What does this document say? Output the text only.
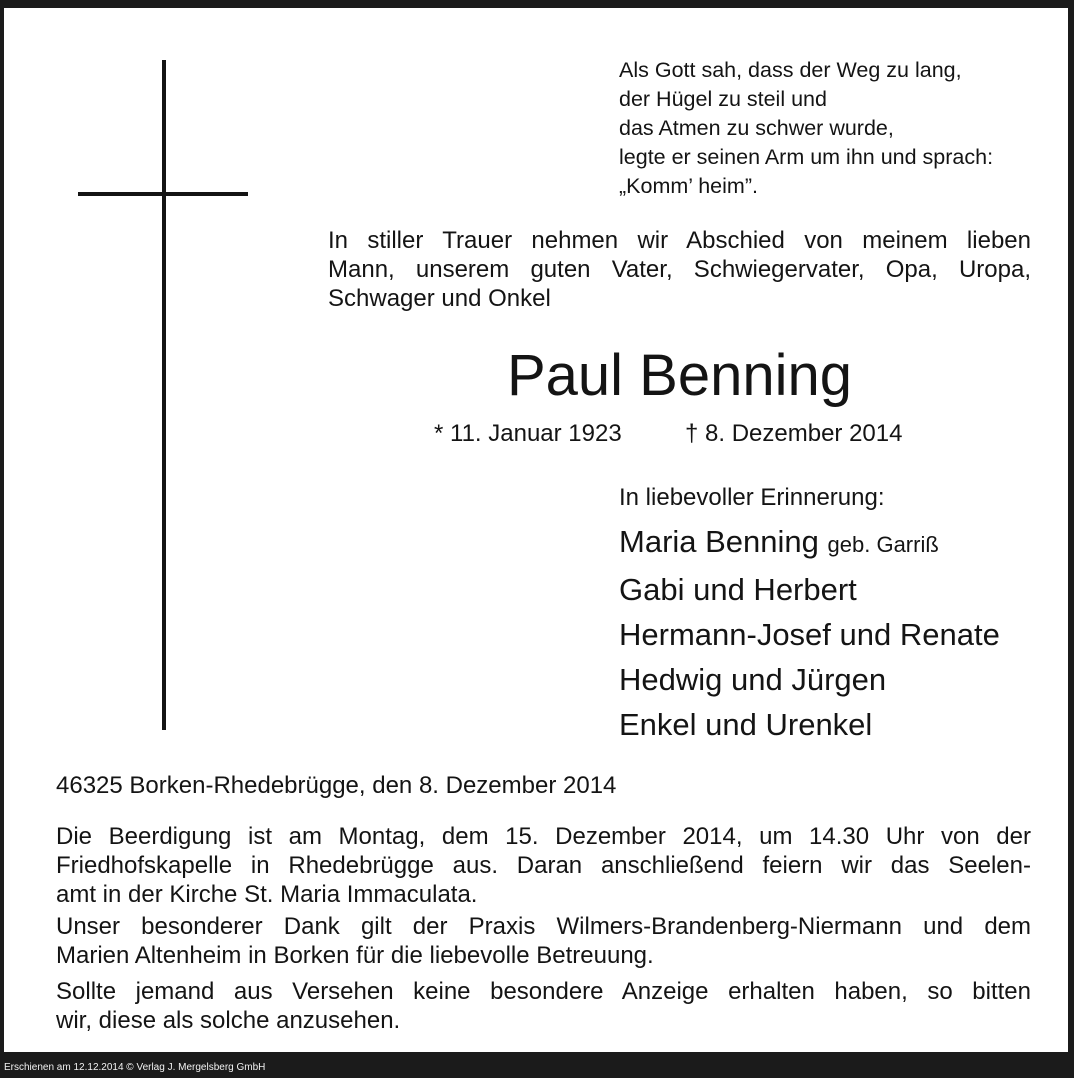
Als Gott sah, dass der Weg zu lang,
der Hügel zu steil und
das Atmen zu schwer wurde,
legte er seinen Arm um ihn und sprach:
„Komm’ heim”.
In stiller Trauer nehmen wir Abschied von meinem lieben
Mann, unserem guten Vater, Schwiegervater, Opa, Uropa,
Schwager und Onkel
Paul Benning
* 11. Januar 1923	† 8. Dezember 2014
In liebevoller Erinnerung:
Maria Benning geb. Garriß
Gabi und Herbert
Hermann-Josef und Renate
Hedwig und Jürgen
Enkel und Urenkel
46325 Borken-Rhedebrügge, den 8. Dezember 2014
Die Beerdigung ist am Montag, dem 15. Dezember 2014, um 14.30 Uhr von der
Friedhofskapelle in Rhedebrügge aus. Daran anschließend feiern wir das Seelen-
amt in der Kirche St. Maria Immaculata.
Unser besonderer Dank gilt der Praxis Wilmers-Brandenberg-Niermann und dem
Marien Altenheim in Borken für die liebevolle Betreuung.
Sollte jemand aus Versehen keine besondere Anzeige erhalten haben, so bitten
wir, diese als solche anzusehen.
Erschienen am 12.12.2014 © Verlag J. Mergelsberg GmbH
